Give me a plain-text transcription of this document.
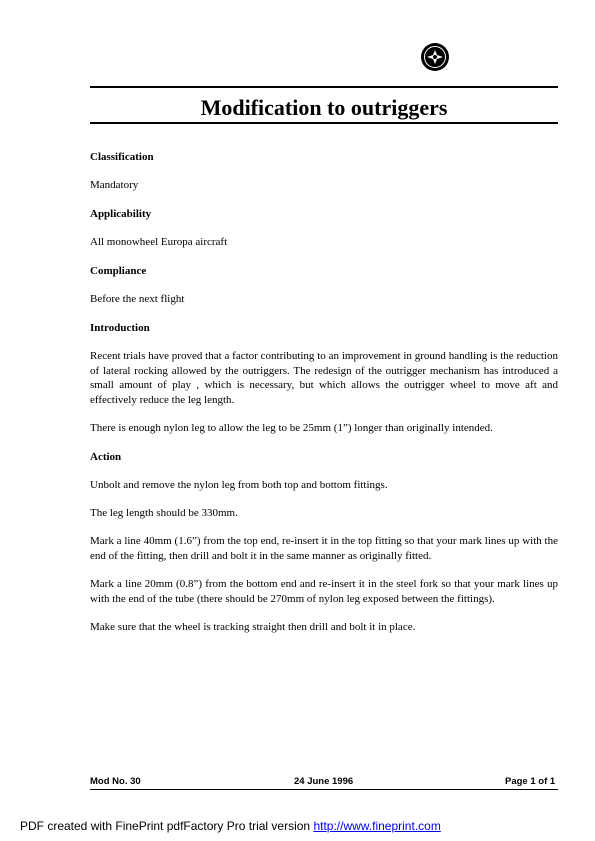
Modification to outriggers
Classification
Mandatory
Applicability
All monowheel Europa aircraft
Compliance
Before the next flight
Introduction
Recent trials have proved that a factor contributing to an improvement in ground handling is the reduction of lateral rocking allowed by the outriggers. The redesign of the outrigger mechanism has introduced a small amount of play , which is necessary, but which allows the outrigger wheel to move aft and effectively reduce the leg length.
There is enough nylon leg to allow the leg to be 25mm (1”) longer than originally intended.
Action
Unbolt and remove the nylon leg from both top and bottom fittings.
The leg length should be 330mm.
Mark a line 40mm (1.6”) from the top end, re-insert it in the top fitting so that your mark lines up with the end of the fitting, then drill and bolt it in the same manner as originally fitted.
Mark a line 20mm (0.8”) from the bottom end and re-insert it in the steel fork so that your mark lines up with the end of the tube (there should be 270mm of nylon leg exposed between the fittings).
Make sure that the wheel is tracking straight then drill and bolt it in place.
Mod No. 30	24 June 1996	Page 1 of 1
PDF created with FinePrint pdfFactory Pro trial version http://www.fineprint.com
